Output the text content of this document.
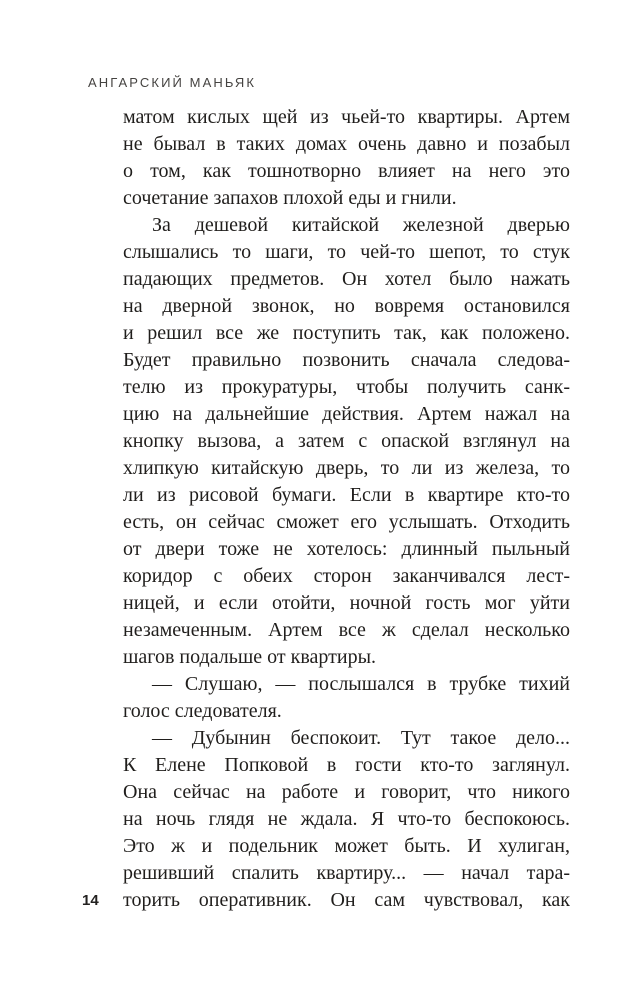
АНГАРСКИЙ МАНЬЯК
матом кислых щей из чьей-то квартиры. Артем
не бывал в таких домах очень давно и позабыл
о том, как тошнотворно влияет на него это
сочетание запахов плохой еды и гнили.
За дешевой китайской железной дверью
слышались то шаги, то чей-то шепот, то стук
падающих предметов. Он хотел было нажать
на дверной звонок, но вовремя остановился
и решил все же поступить так, как положено.
Будет правильно позвонить сначала следова-
телю из прокуратуры, чтобы получить санк-
цию на дальнейшие действия. Артем нажал на
кнопку вызова, а затем с опаской взглянул на
хлипкую китайскую дверь, то ли из железа, то
ли из рисовой бумаги. Если в квартире кто-то
есть, он сейчас сможет его услышать. Отходить
от двери тоже не хотелось: длинный пыльный
коридор с обеих сторон заканчивался лест-
ницей, и если отойти, ночной гость мог уйти
незамеченным. Артем все ж сделал несколько
шагов подальше от квартиры.
— Слушаю, — послышался в трубке тихий
голос следователя.
— Дубынин беспокоит. Тут такое дело...
К Елене Попковой в гости кто-то заглянул.
Она сейчас на работе и говорит, что никого
на ночь глядя не ждала. Я что-то беспокоюсь.
Это ж и подельник может быть. И хулиган,
решивший спалить квартиру... — начал тара-
торить оперативник. Он сам чувствовал, как
14
